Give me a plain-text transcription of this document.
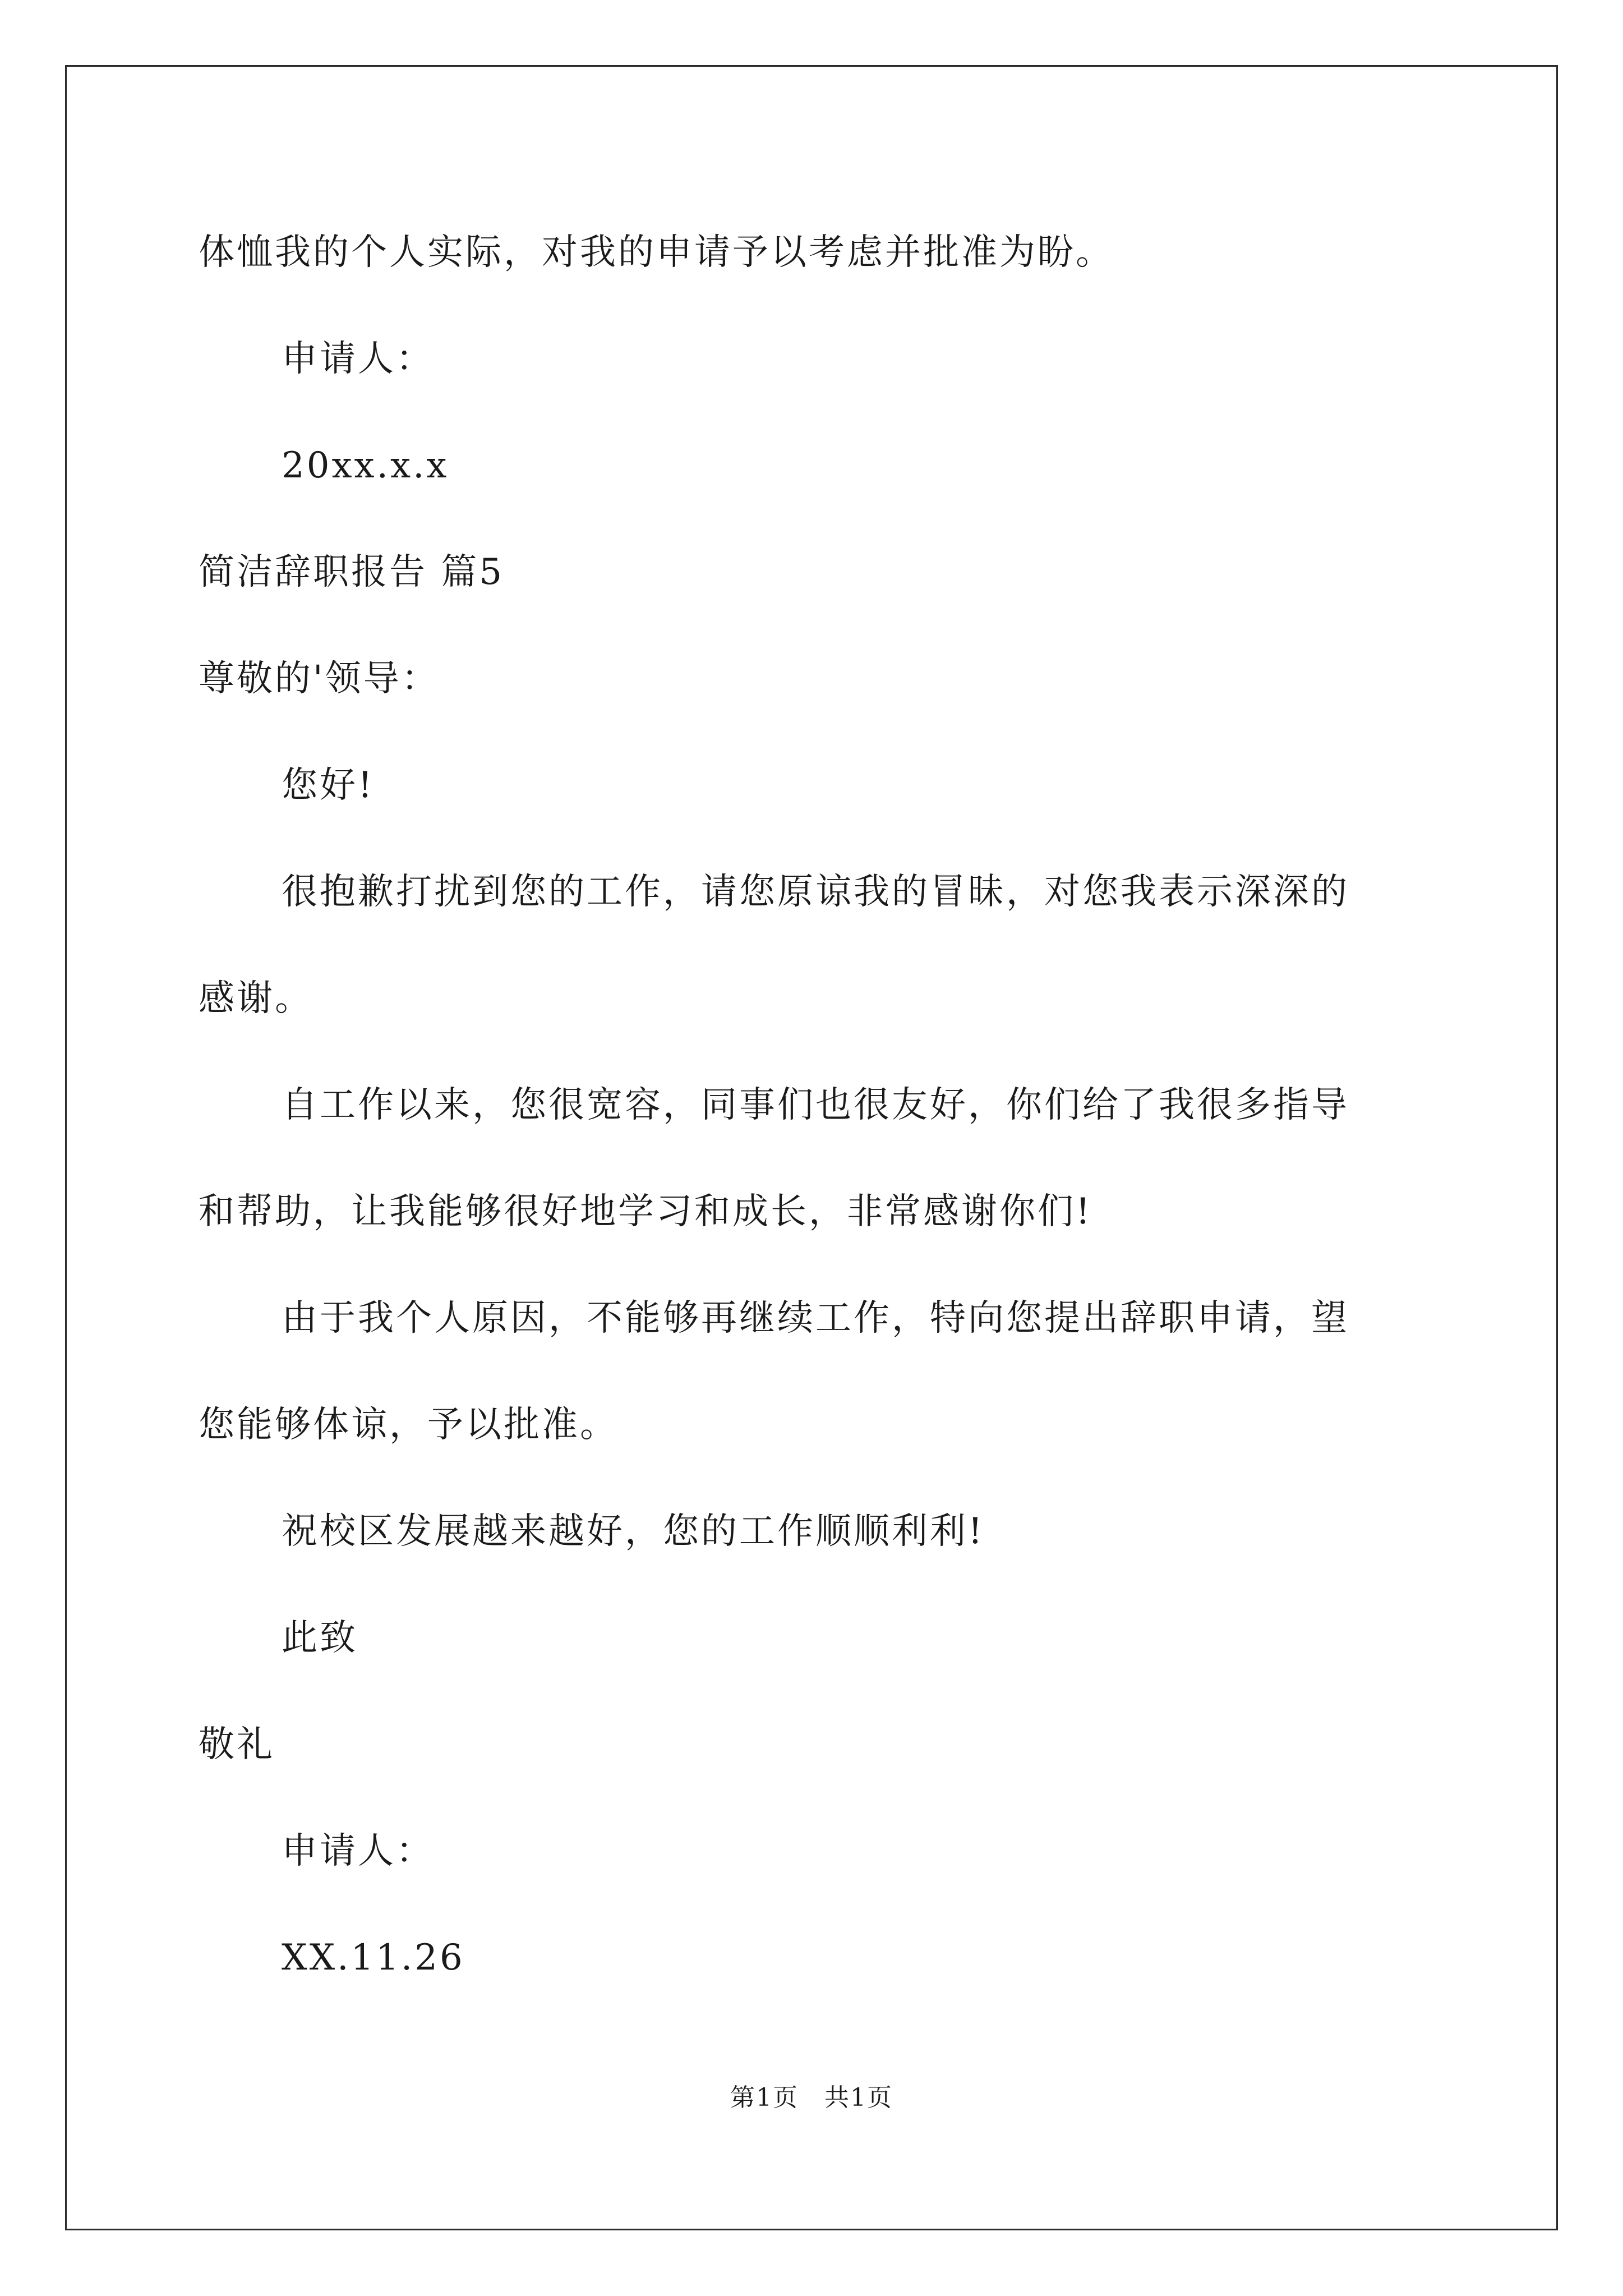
体恤我的个人实际，对我的申请予以考虑并批准为盼。
申请人：
20xx.x.x
简洁辞职报告 篇5
尊敬的'领导：
您好!
很抱歉打扰到您的工作，请您原谅我的冒昧，对您我表示深深的
感谢。
自工作以来，您很宽容，同事们也很友好，你们给了我很多指导
和帮助，让我能够很好地学习和成长，非常感谢你们!
由于我个人原因，不能够再继续工作，特向您提出辞职申请，望
您能够体谅，予以批准。
祝校区发展越来越好，您的工作顺顺利利!
此致
敬礼
申请人：
XX.11.26
第1页　共1页
